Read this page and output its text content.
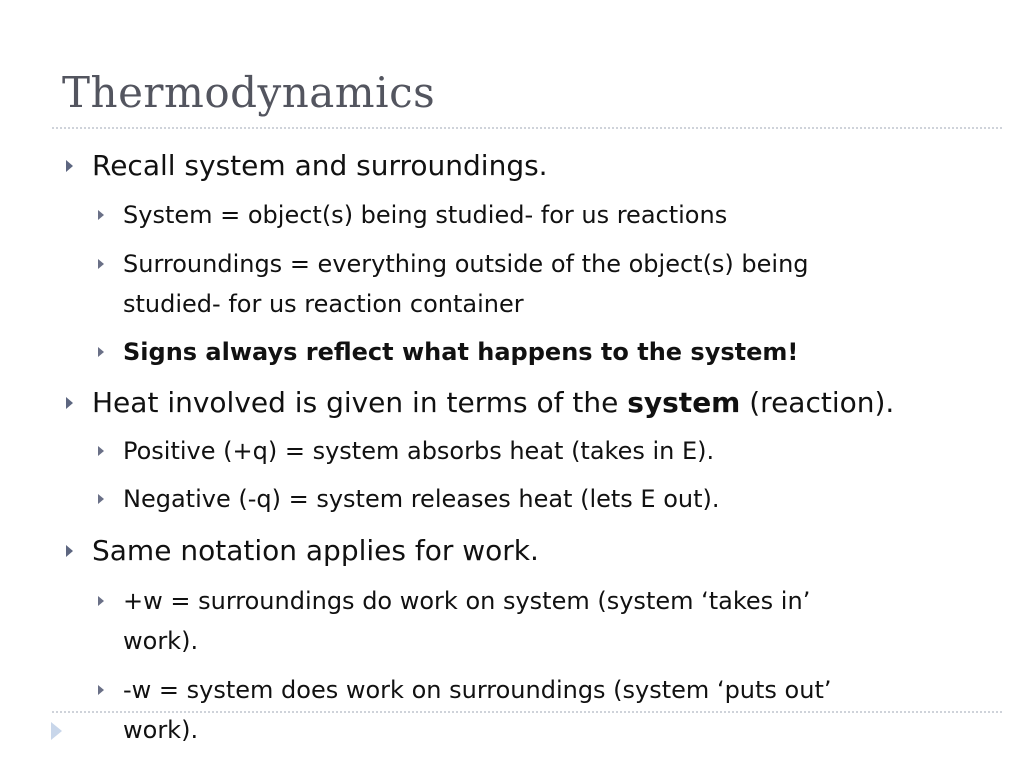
Thermodynamics
Recall system and surroundings.
System = object(s) being studied- for us reactions
Surroundings = everything outside of the object(s) being
studied- for us reaction container
Signs always reflect what happens to the system!
Heat involved is given in terms of the system (reaction).
Positive (+q) = system absorbs heat (takes in E).
Negative (-q) = system releases heat (lets E out).
Same notation applies for work.
+w = surroundings do work on system (system ‘takes in’
work).
-w = system does work on surroundings (system ‘puts out’
work).
